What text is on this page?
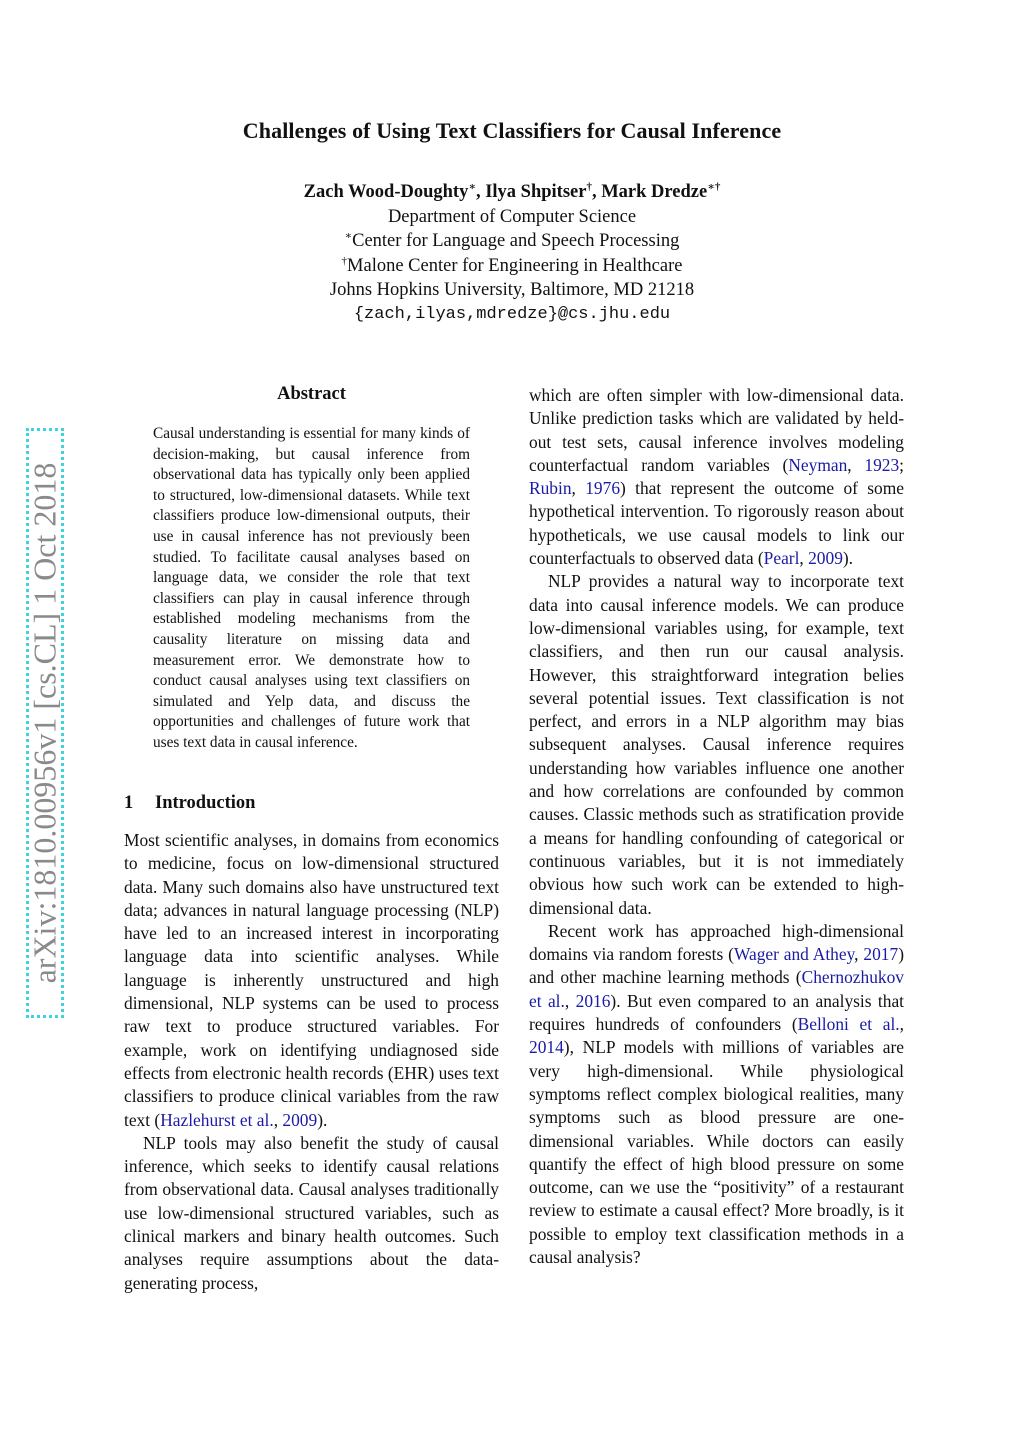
Challenges of Using Text Classifiers for Causal Inference
Zach Wood-Doughty∗, Ilya Shpitser†, Mark Dredze∗†
Department of Computer Science
∗Center for Language and Speech Processing
†Malone Center for Engineering in Healthcare
Johns Hopkins University, Baltimore, MD 21218
{zach,ilyas,mdredze}@cs.jhu.edu
arXiv:1810.00956v1 [cs.CL] 1 Oct 2018
Abstract

Causal understanding is essential for many kinds of decision-making, but causal inference from observational data has typically only been applied to structured, low-dimensional datasets. While text classifiers produce low-dimensional outputs, their use in causal inference has not previously been studied. To facilitate causal analyses based on language data, we consider the role that text classifiers can play in causal inference through established modeling mechanisms from the causality literature on missing data and measurement error. We demonstrate how to conduct causal analyses using text classifiers on simulated and Yelp data, and discuss the opportunities and challenges of future work that uses text data in causal inference.

1 Introduction

Most scientific analyses, in domains from economics to medicine, focus on low-dimensional structured data. Many such domains also have unstructured text data; advances in natural language processing (NLP) have led to an increased interest in incorporating language data into scientific analyses. While language is inherently unstructured and high dimensional, NLP systems can be used to process raw text to produce structured variables. For example, work on identifying undiagnosed side effects from electronic health records (EHR) uses text classifiers to produce clinical variables from the raw text (Hazlehurst et al., 2009).

NLP tools may also benefit the study of causal inference, which seeks to identify causal relations from observational data. Causal analyses traditionally use low-dimensional structured variables, such as clinical markers and binary health outcomes. Such analyses require assumptions about the data-generating process,

which are often simpler with low-dimensional data. Unlike prediction tasks which are validated by held-out test sets, causal inference involves modeling counterfactual random variables (Neyman, 1923; Rubin, 1976) that represent the outcome of some hypothetical intervention. To rigorously reason about hypotheticals, we use causal models to link our counterfactuals to observed data (Pearl, 2009).

NLP provides a natural way to incorporate text data into causal inference models. We can produce low-dimensional variables using, for example, text classifiers, and then run our causal analysis. However, this straightforward integration belies several potential issues. Text classification is not perfect, and errors in a NLP algorithm may bias subsequent analyses. Causal inference requires understanding how variables influence one another and how correlations are confounded by common causes. Classic methods such as stratification provide a means for handling confounding of categorical or continuous variables, but it is not immediately obvious how such work can be extended to high-dimensional data.

Recent work has approached high-dimensional domains via random forests (Wager and Athey, 2017) and other machine learning methods (Chernozhukov et al., 2016). But even compared to an analysis that requires hundreds of confounders (Belloni et al., 2014), NLP models with millions of variables are very high-dimensional. While physiological symptoms reflect complex biological realities, many symptoms such as blood pressure are one-dimensional variables. While doctors can easily quantify the effect of high blood pressure on some outcome, can we use the “positivity” of a restaurant review to estimate a causal effect? More broadly, is it possible to employ text classification methods in a causal analysis?
